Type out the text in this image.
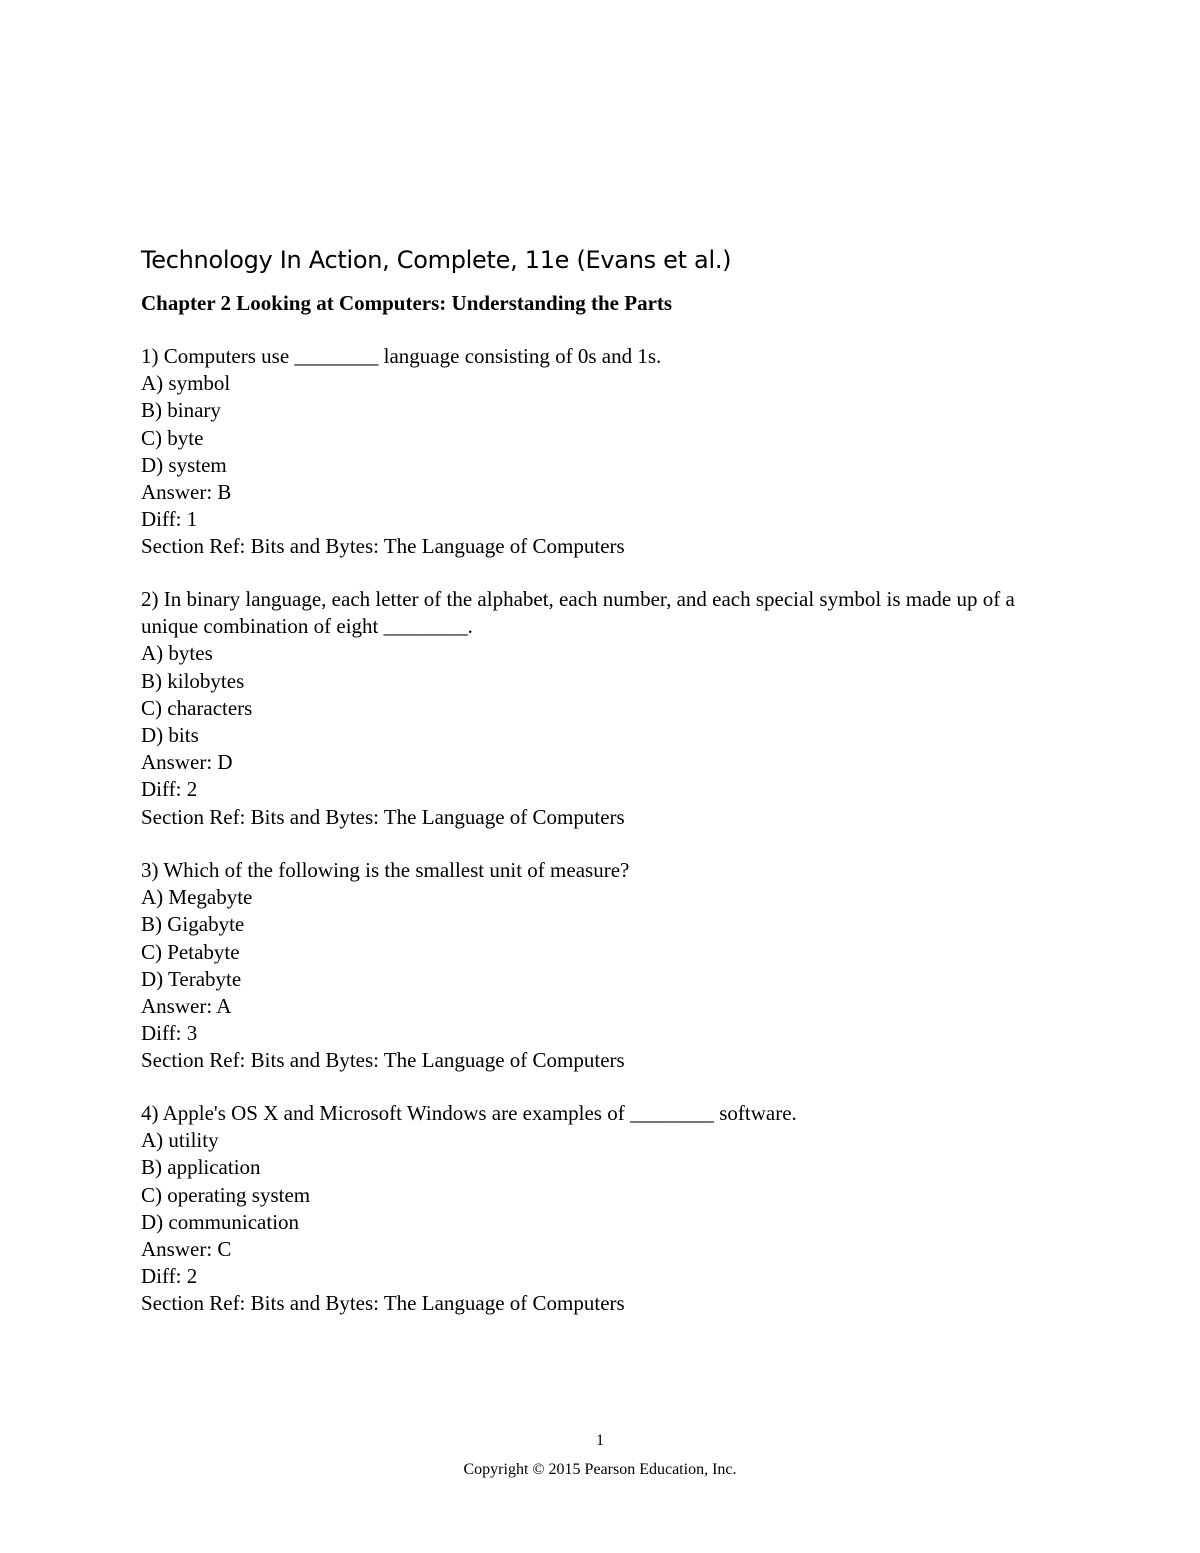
Technology In Action, Complete, 11e (Evans et al.)
Chapter 2 Looking at Computers: Understanding the Parts
1) Computers use ________ language consisting of 0s and 1s.
A) symbol
B) binary
C) byte
D) system
Answer: B
Diff: 1
Section Ref: Bits and Bytes: The Language of Computers
2) In binary language, each letter of the alphabet, each number, and each special symbol is made up of a unique combination of eight ________.
A) bytes
B) kilobytes
C) characters
D) bits
Answer: D
Diff: 2
Section Ref: Bits and Bytes: The Language of Computers
3) Which of the following is the smallest unit of measure?
A) Megabyte
B) Gigabyte
C) Petabyte
D) Terabyte
Answer: A
Diff: 3
Section Ref: Bits and Bytes: The Language of Computers
4) Apple's OS X and Microsoft Windows are examples of ________ software.
A) utility
B) application
C) operating system
D) communication
Answer: C
Diff: 2
Section Ref: Bits and Bytes: The Language of Computers
1
Copyright © 2015 Pearson Education, Inc.
